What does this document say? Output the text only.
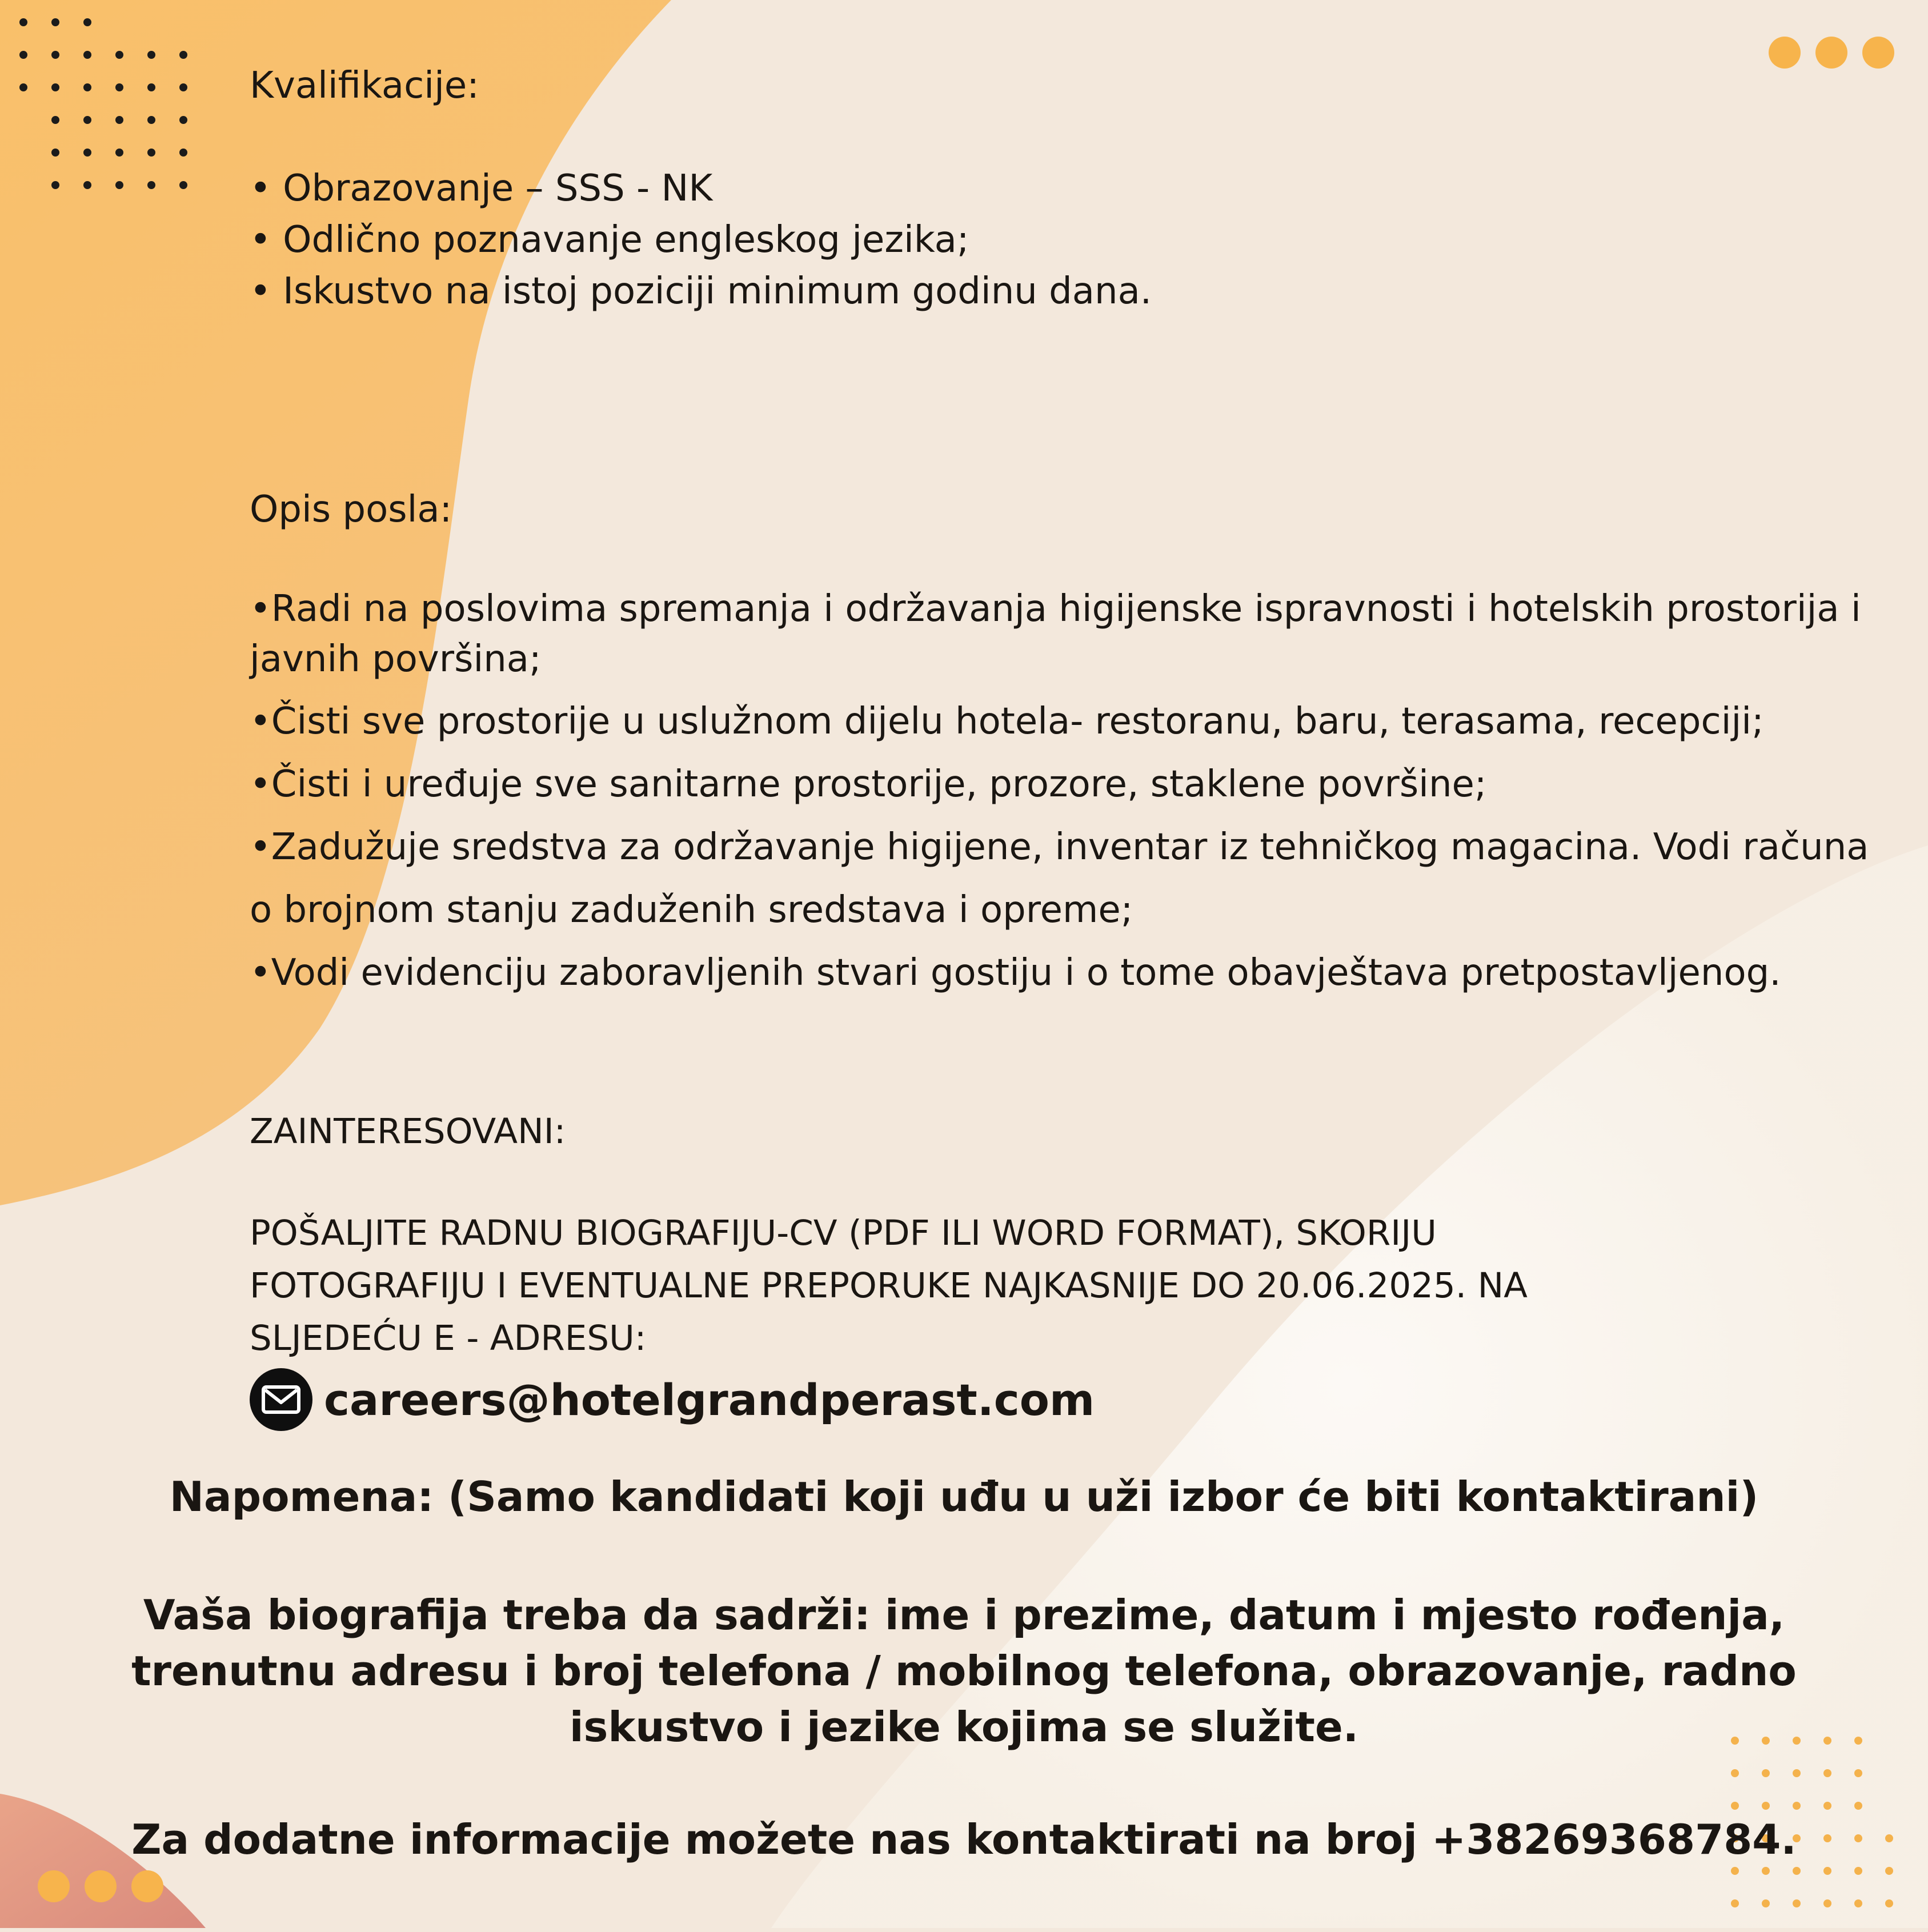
Kvalifikacije:

• Obrazovanje – SSS - NK

• Odlično poznavanje engleskog jezika;

• Iskustvo na istoj poziciji minimum godinu dana.

Opis posla:

•Radi na poslovima spremanja i održavanja higijenske ispravnosti i hotelskih prostorija i javnih površina;

•Čisti sve prostorije u uslužnom dijelu hotela- restoranu, baru, terasama, recepciji;

•Čisti i uređuje sve sanitarne prostorije, prozore, staklene površine;

•Zadužuje sredstva za održavanje higijene, inventar iz tehničkog magacina. Vodi računa o brojnom stanju zaduženih sredstava i opreme;

•Vodi evidenciju zaboravljenih stvari gostiju i o tome obavještava pretpostavljenog.

ZAINTERESOVANI:

POŠALJITE RADNU BIOGRAFIJU-CV (PDF ILI WORD FORMAT), SKORIJU

FOTOGRAFIJU I EVENTUALNE PREPORUKE NAJKASNIJE DO 20.06.2025. NA

SLJEDEĆU E - ADRESU:

careers@hotelgrandperast.com
Napomena: (Samo kandidati koji uđu u uži izbor će biti kontaktirani)
Vaša biografija treba da sadrži: ime i prezime, datum i mjesto rođenja, trenutnu adresu i broj telefona / mobilnog telefona, obrazovanje, radno iskustvo i jezike kojima se služite.
Za dodatne informacije možete nas kontaktirati na broj +38269368784.
